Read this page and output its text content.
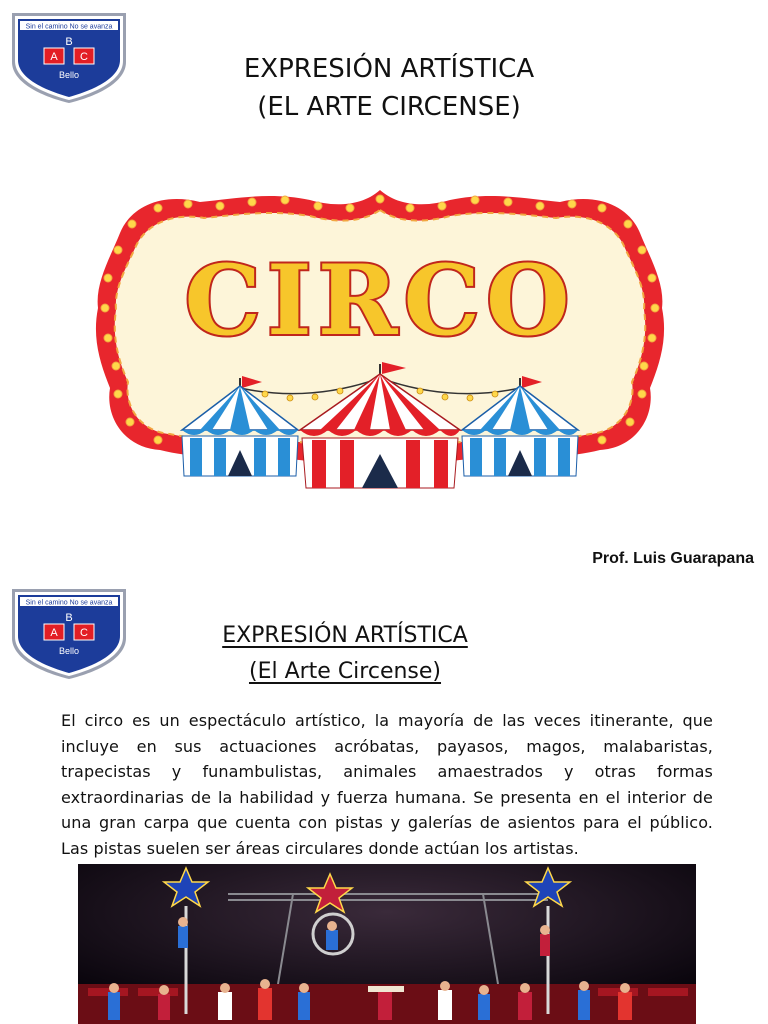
Sin el camino No se avanza
B
A C
Bello	EXPRESIÓN ARTÍSTICA
(EL ARTE CIRCENSE)
CIRCO
Prof. Luis Guarapana
Sin el camino No se avanza
B
A C
Bello
EXPRESIÓN ARTÍSTICA
(El Arte Circense)

El circo es un espectáculo artístico, la mayoría de las veces itinerante, que incluye en sus actuaciones acróbatas, payasos, magos, malabaristas, trapecistas y funambulistas, animales amaestrados y otras formas extraordinarias de la habilidad y fuerza humana. Se presenta en el interior de una gran carpa que cuenta con pistas y galerías de asientos para el público. Las pistas suelen ser áreas circulares donde actúan los artistas.
